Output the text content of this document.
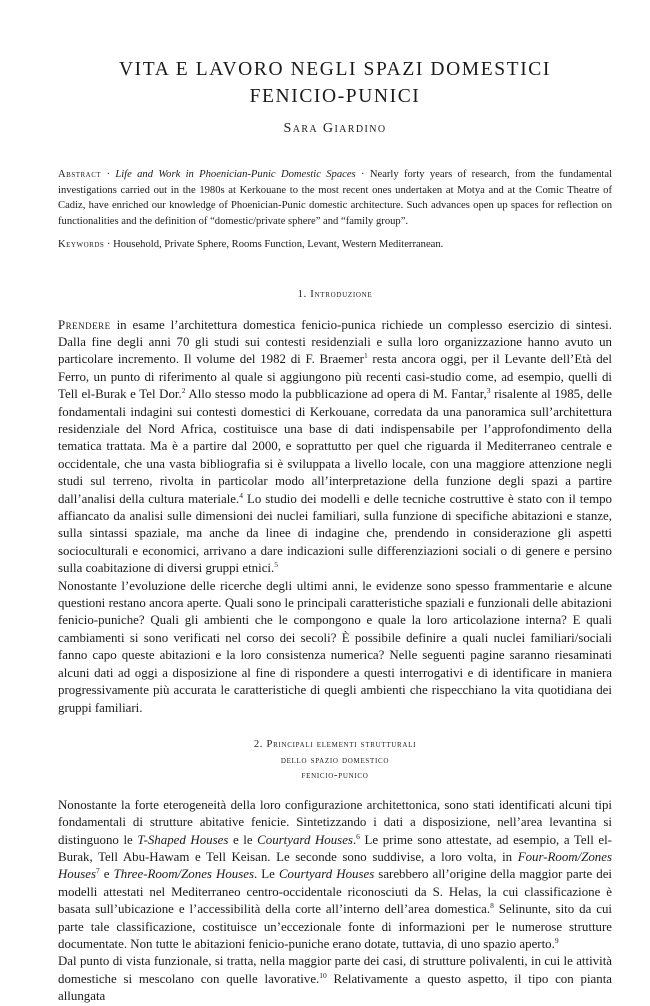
VITA E LAVORO NEGLI SPAZI DOMESTICI
FENICIO-PUNICI
Sara Giardino
Abstract · Life and Work in Phoenician-Punic Domestic Spaces · Nearly forty years of research, from the fundamental investigations carried out in the 1980s at Kerkouane to the most recent ones undertaken at Motya and at the Comic Theatre of Cadiz, have enriched our knowledge of Phoenician-Punic domestic architecture. Such advances open up spaces for reflection on functionalities and the definition of “domestic/private sphere” and “family group”.
Keywords · Household, Private Sphere, Rooms Function, Levant, Western Mediterranean.
1. Introduzione

Prendere in esame l’architettura domestica fenicio-punica richiede un complesso esercizio di sintesi. Dalla fine degli anni 70 gli studi sui contesti residenziali e sulla loro organizzazione hanno avuto un particolare incremento. Il volume del 1982 di F. Braemer$^1$ resta ancora oggi, per il Levante dell’Età del Ferro, un punto di riferimento al quale si aggiungono più recenti casi-studio come, ad esempio, quelli di Tell el-Burak e Tel Dor.$^2$ Allo stesso modo la pubblicazione ad opera di M. Fantar,$^3$ risalente al 1985, delle fondamentali indagini sui contesti domestici di Kerkouane, corredata da una panoramica sull’architettura residenziale del Nord Africa, costituisce una base di dati indispensabile per l’approfondimento della tematica trattata. Ma è a partire dal 2000, e soprattutto per quel che riguarda il Mediterraneo centrale e occidentale, che una vasta bibliografia si è sviluppata a livello locale, con una maggiore attenzione negli studi sul terreno, rivolta in particolar modo all’interpretazione della funzione degli spazi a partire dall’analisi della cultura materiale.$^4$ Lo studio dei modelli e delle tecniche costruttive è stato con il tempo affiancato da analisi sulle dimensioni dei nuclei familiari, sulla funzione di specifiche abitazioni e stanze, sulla sintassi spaziale, ma anche da linee di indagine che, prendendo in considerazione gli aspetti socioculturali e economici, arrivano a dare indicazioni sulle differenziazioni sociali o di genere e persino sulla coabitazione di diversi gruppi etnici.$^5$

Nonostante l’evoluzione delle ricerche degli ultimi anni, le evidenze sono spesso frammentarie e alcune questioni restano ancora aperte. Quali sono le principali caratteristiche spaziali e funzionali delle abitazioni fenicio-puniche? Quali gli ambienti che le compongono e quale la loro articolazione interna? E quali cambiamenti si sono verificati nel corso dei secoli? È possibile definire a quali nuclei familiari/sociali fanno capo queste abitazioni e la loro consistenza numerica? Nelle seguenti pagine saranno riesaminati alcuni dati ad oggi a disposizione al fine di rispondere a questi interrogativi e di identificare in maniera progressivamente più accurata le caratteristiche di quegli ambienti che rispecchiano la vita quotidiana dei gruppi familiari.

2. Principali elementi strutturali
dello spazio domestico
fenicio-punico

Nonostante la forte eterogeneità della loro configurazione architettonica, sono stati identificati alcuni tipi fondamentali di strutture abitative fenicie. Sintetizzando i dati a disposizione, nell’area levantina si distinguono le T-Shaped Houses e le Courtyard Houses.$^6$ Le prime sono attestate, ad esempio, a Tell el-Burak, Tell Abu-Hawam e Tell Keisan. Le seconde sono suddivise, a loro volta, in Four-Room/Zones Houses$^7$ e Three-Room/Zones Houses. Le Courtyard Houses sarebbero all’origine della maggior parte dei modelli attestati nel Mediterraneo centro-occidentale riconosciuti da S. Helas, la cui classificazione è basata sull’ubicazione e l’accessibilità della corte all’interno dell’area domestica.$^8$ Selinunte, sito da cui parte tale classificazione, costituisce un’eccezionale fonte di informazioni per le numerose strutture documentate. Non tutte le abitazioni fenicio-puniche erano dotate, tuttavia, di uno spazio aperto.$^9$

Dal punto di vista funzionale, si tratta, nella maggior parte dei casi, di strutture polivalenti, in cui le attività domestiche si mescolano con quelle lavorative.$^{10}$ Relativamente a questo aspetto, il tipo con pianta allungata
